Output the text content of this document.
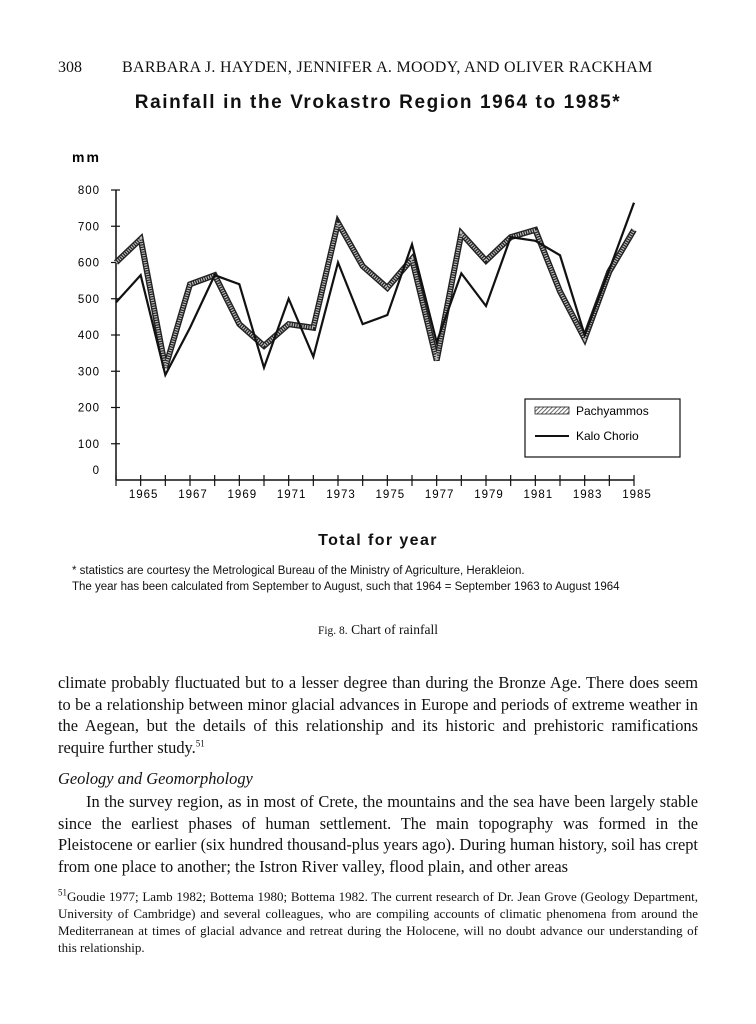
308	BARBARA J. HAYDEN, JENNIFER A. MOODY, AND OLIVER RACKHAM
Rainfall in the Vrokastro Region 1964 to 1985*
mm
0
100
200
300
400
500
600
700
800
1965 1967 1969 1971 1973 1975 1977 1979 1981 1983 1985
Pachyammos
Kalo Chorio
Total for year
* statistics are courtesy the Metrological Bureau of the Ministry of Agriculture, Herakleion.
The year has been calculated from September to August, such that 1964 = September 1963 to August 1964
Fig. 8. Chart of rainfall

climate probably fluctuated but to a lesser degree than during the Bronze Age. There does seem to be a relationship between minor glacial advances in Europe and periods of extreme weather in the Aegean, but the details of this relationship and its historic and prehistoric ramifications require further study.$^{51}$

Geology and Geomorphology

In the survey region, as in most of Crete, the mountains and the sea have been largely stable since the earliest phases of human settlement. The main topography was formed in the Pleistocene or earlier (six hundred thousand-plus years ago). During human history, soil has crept from one place to another; the Istron River valley, flood plain, and other areas

$^{51}$Goudie 1977; Lamb 1982; Bottema 1980; Bottema 1982. The current research of Dr. Jean Grove (Geology Department, University of Cambridge) and several colleagues, who are compiling accounts of climatic phenomena from around the Mediterranean at times of glacial advance and retreat during the Holocene, will no doubt advance our understanding of this relationship.
